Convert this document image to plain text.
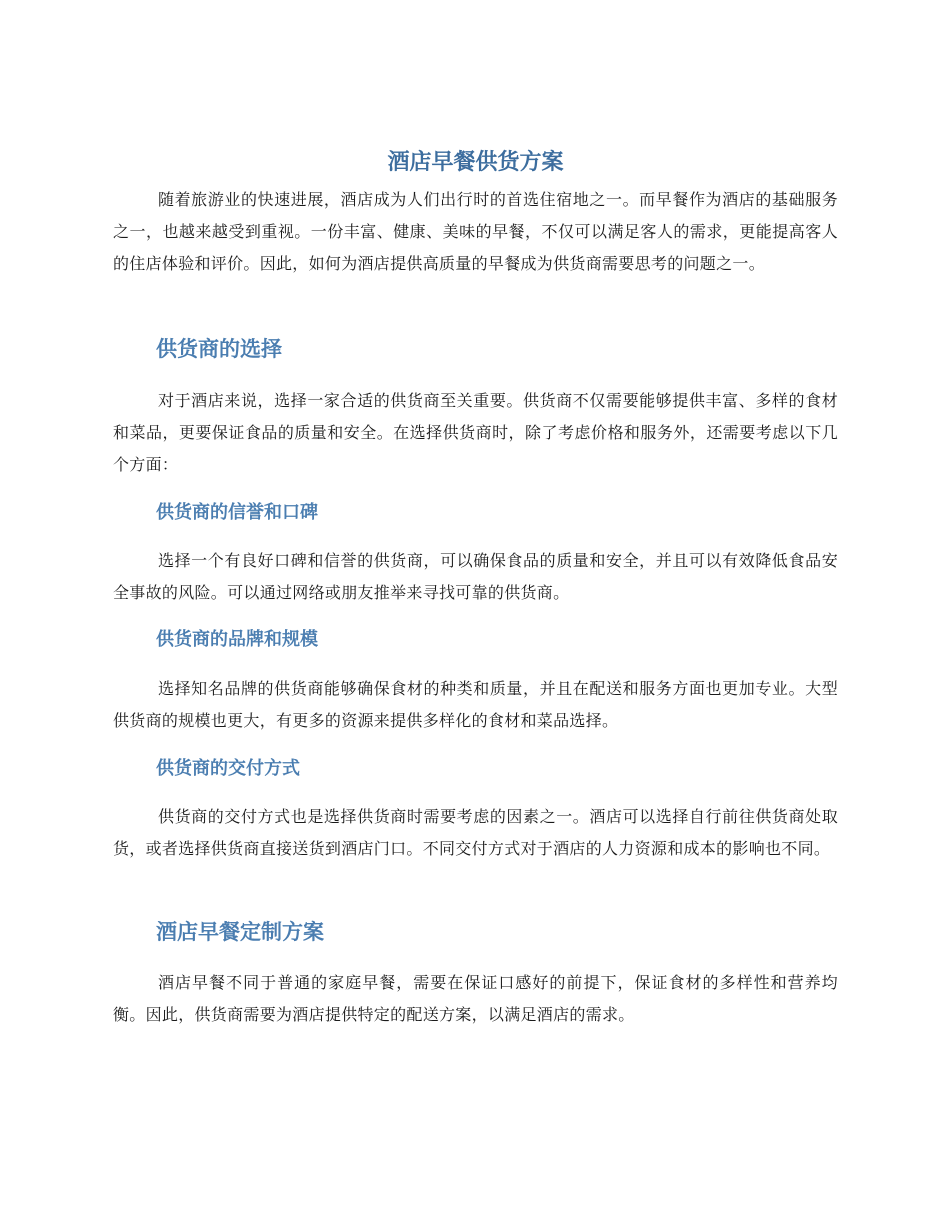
酒店早餐供货方案

随着旅游业的快速进展，酒店成为人们出行时的首选住宿地之一。而早餐作为酒店的基础服务之一，也越来越受到重视。一份丰富、健康、美味的早餐，不仅可以满足客人的需求，更能提高客人的住店体验和评价。因此，如何为酒店提供高质量的早餐成为供货商需要思考的问题之一。

供货商的选择

对于酒店来说，选择一家合适的供货商至关重要。供货商不仅需要能够提供丰富、多样的食材和菜品，更要保证食品的质量和安全。在选择供货商时，除了考虑价格和服务外，还需要考虑以下几个方面：

供货商的信誉和口碑

选择一个有良好口碑和信誉的供货商，可以确保食品的质量和安全，并且可以有效降低食品安全事故的风险。可以通过网络或朋友推举来寻找可靠的供货商。

供货商的品牌和规模

选择知名品牌的供货商能够确保食材的种类和质量，并且在配送和服务方面也更加专业。大型供货商的规模也更大，有更多的资源来提供多样化的食材和菜品选择。

供货商的交付方式

供货商的交付方式也是选择供货商时需要考虑的因素之一。酒店可以选择自行前往供货商处取货，或者选择供货商直接送货到酒店门口。不同交付方式对于酒店的人力资源和成本的影响也不同。

酒店早餐定制方案

酒店早餐不同于普通的家庭早餐，需要在保证口感好的前提下，保证食材的多样性和营养均衡。因此，供货商需要为酒店提供特定的配送方案，以满足酒店的需求。
